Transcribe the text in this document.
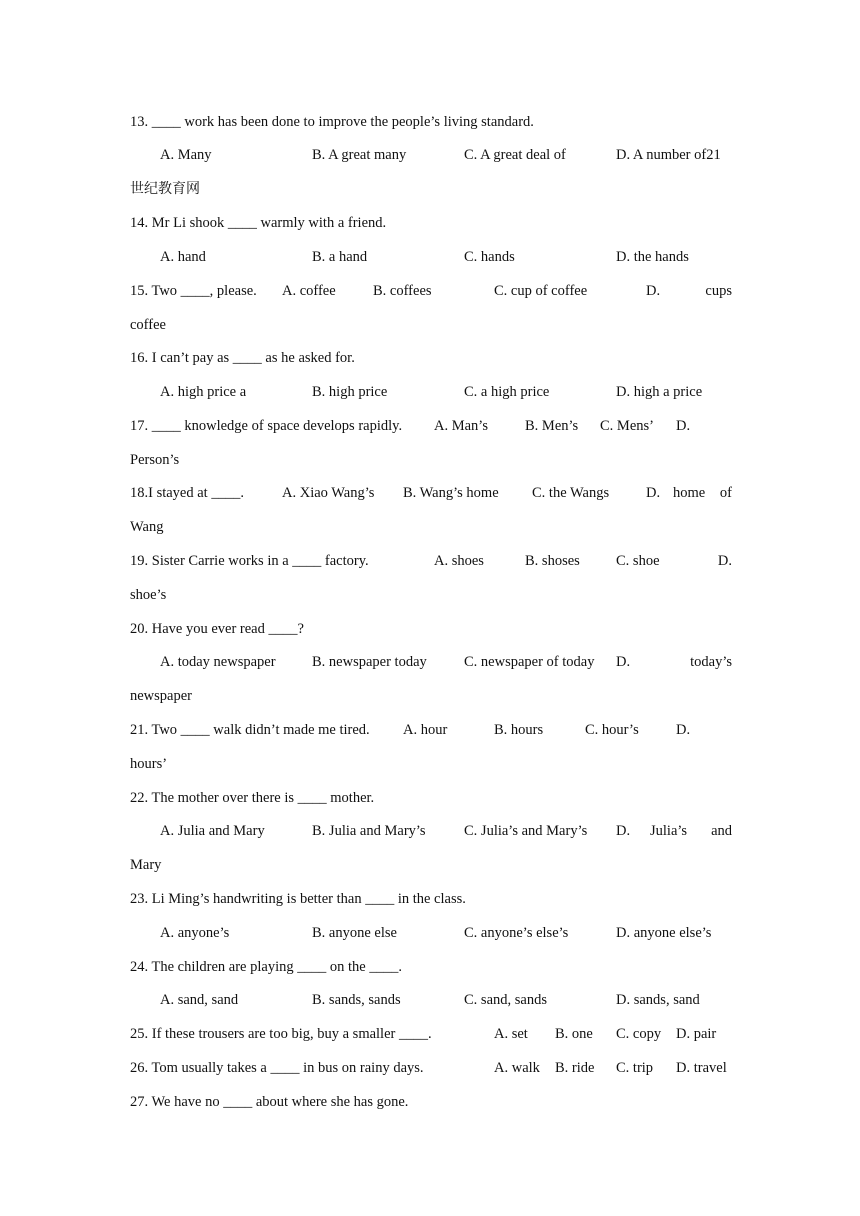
13. ____ work has been done to improve the people’s living standard.
A. Many	B. A great many	C. A great deal of	D. A number of21
世纪教育网
14. Mr Li shook ____ warmly with a friend.
A. hand	B. a hand	C. hands	D. the hands
15. Two ____, please. A. coffee	B. coffees	C. cup of coffee	D.	cups
coffee
16. I can’t pay as ____ as he asked for.
A. high price a	B. high price	C. a high price	D. high a price
17. ____ knowledge of space develops rapidly. A. Man’s	B. Men’s C. Mens’ D.
Person’s
18.I stayed at ____.	A. Xiao Wang’s B. Wang’s home C. the Wangs	D. home of
Wang
19. Sister Carrie works in a ____ factory.	A. shoes	B. shoses C. shoe	D.
shoe’s
20. Have you ever read ____?
A. today newspaper	B. newspaper today	C. newspaper of today D.	today’s
newspaper
21. Two ____ walk didn’t made me tired. A. hour	B. hours	C. hour’s	D.
hours’
22. The mother over there is ____ mother.
A. Julia and Mary	B. Julia and Mary’s	C. Julia’s and Mary’s D. Julia’s and
Mary
23. Li Ming’s handwriting is better than ____ in the class.
A. anyone’s	B. anyone else	C. anyone’s else’s	D. anyone else’s
24. The children are playing ____ on the ____.
A. sand, sand	B. sands, sands	C. sand, sands	D. sands, sand
25. If these trousers are too big, buy a smaller ____.	A. set B. one C. copy D. pair
26. Tom usually takes a ____ in bus on rainy days.	A. walk B. ride C. trip D. travel
27. We have no ____ about where she has gone.
